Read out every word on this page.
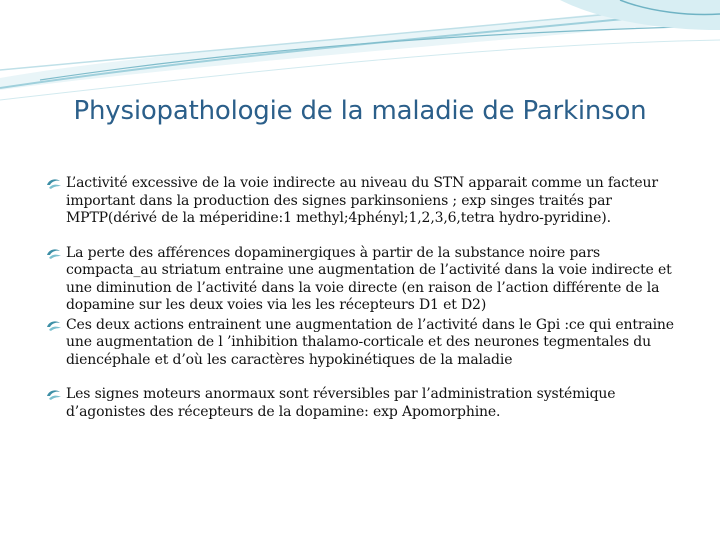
Physiopathologie de la maladie de Parkinson
L’activité excessive de la voie indirecte au niveau du STN apparait comme un facteur important dans la production des signes parkinsoniens ; exp singes traités par MPTP(dérivé de la méperidine:1 methyl;4phényl;1,2,3,6,tetra hydro-pyridine).
La perte des afférences dopaminergiques à partir de la substance noire pars compacta_au striatum entraine une augmentation de l’activité dans la voie indirecte et une diminution de l’activité dans la voie directe (en raison de l’action différente de la dopamine sur les deux voies via les les récepteurs D1 et D2)
Ces deux actions entrainent une augmentation de l’activité dans le Gpi :ce qui entraine une augmentation de l ’inhibition thalamo-corticale et des neurones tegmentales du diencéphale et d’où les caractères hypokinétiques de la maladie
Les signes moteurs anormaux sont réversibles par l’administration systémique d’agonistes des récepteurs de la dopamine: exp Apomorphine.
